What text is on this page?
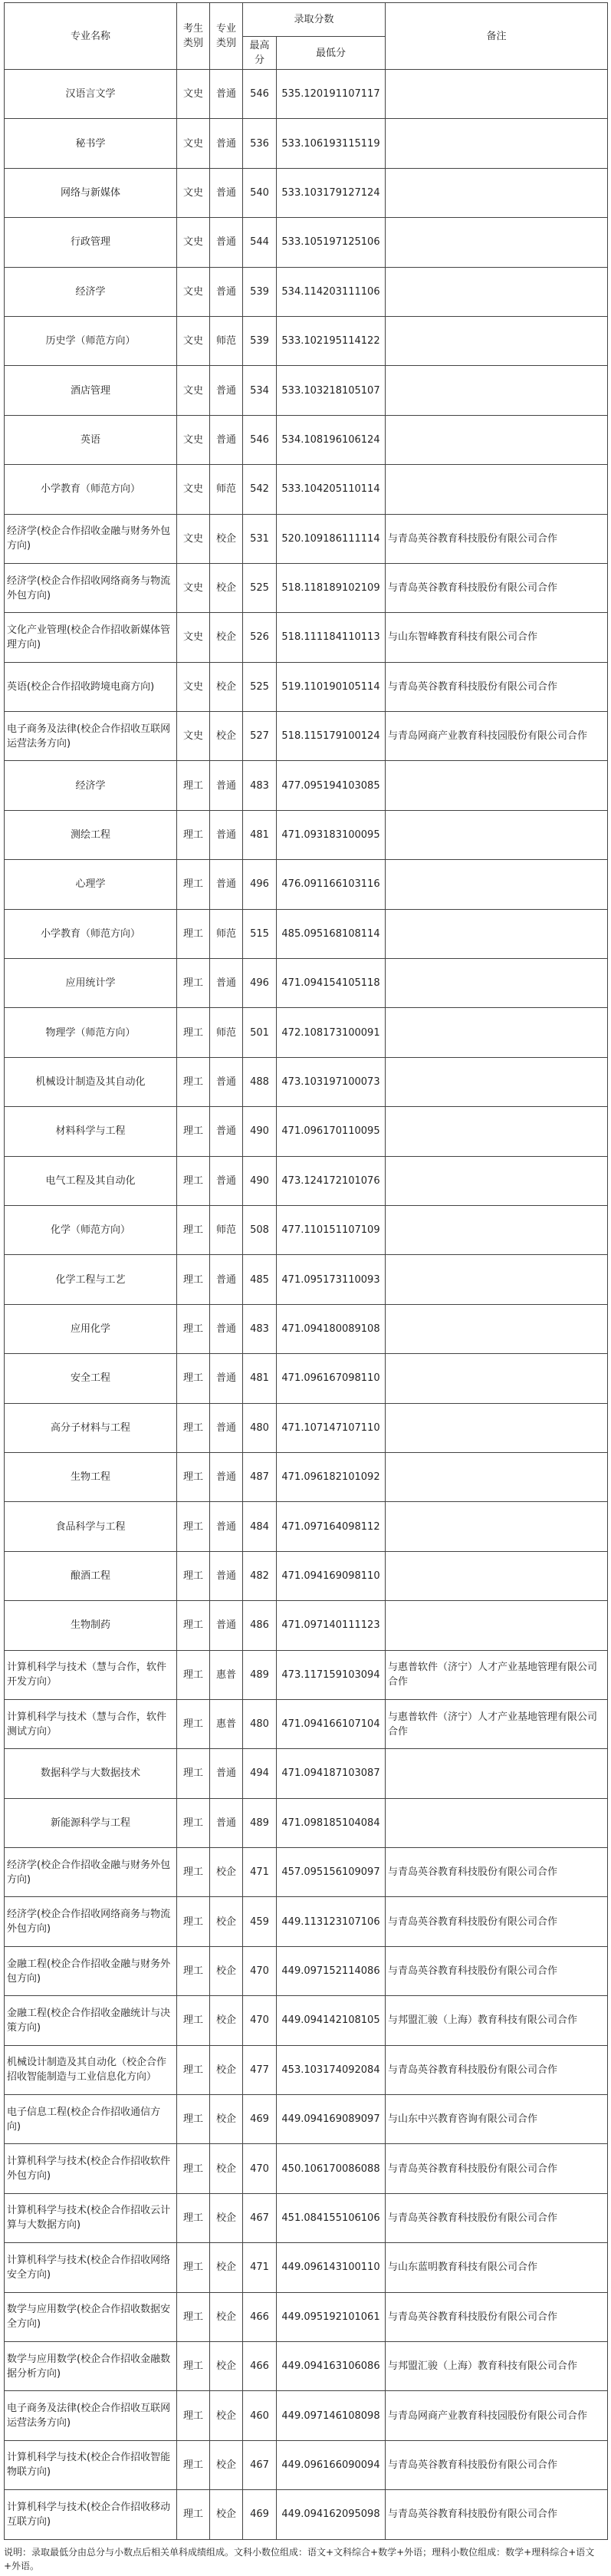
专业名称	考生类别	专业类别	录取分数		备注
			最高分	最低分	
汉语言文学	文史	普通	546	535.120191107117	
秘书学	文史	普通	536	533.106193115119	
网络与新媒体	文史	普通	540	533.103179127124	
行政管理	文史	普通	544	533.105197125106	
经济学	文史	普通	539	534.114203111106	
历史学（师范方向）	文史	师范	539	533.102195114122	
酒店管理	文史	普通	534	533.103218105107	
英语	文史	普通	546	534.108196106124	
小学教育（师范方向）	文史	师范	542	533.104205110114	
经济学(校企合作招收金融与财务外包方向)	文史	校企	531	520.109186111114	与青岛英谷教育科技股份有限公司合作
经济学(校企合作招收网络商务与物流外包方向)	文史	校企	525	518.118189102109	与青岛英谷教育科技股份有限公司合作
文化产业管理(校企合作招收新媒体管理方向)	文史	校企	526	518.111184110113	与山东智峰教育科技有限公司合作
英语(校企合作招收跨境电商方向)	文史	校企	525	519.110190105114	与青岛英谷教育科技股份有限公司合作
电子商务及法律(校企合作招收互联网运营法务方向)	文史	校企	527	518.115179100124	与青岛网商产业教育科技园股份有限公司合作
经济学	理工	普通	483	477.095194103085	
测绘工程	理工	普通	481	471.093183100095	
心理学	理工	普通	496	476.091166103116	
小学教育（师范方向）	理工	师范	515	485.095168108114	
应用统计学	理工	普通	496	471.094154105118	
物理学（师范方向）	理工	师范	501	472.108173100091	
机械设计制造及其自动化	理工	普通	488	473.103197100073	
材料科学与工程	理工	普通	490	471.096170110095	
电气工程及其自动化	理工	普通	490	473.124172101076	
化学（师范方向）	理工	师范	508	477.110151107109	
化学工程与工艺	理工	普通	485	471.095173110093	
应用化学	理工	普通	483	471.094180089108	
安全工程	理工	普通	481	471.096167098110	
高分子材料与工程	理工	普通	480	471.107147107110	
生物工程	理工	普通	487	471.096182101092	
食品科学与工程	理工	普通	484	471.097164098112	
酿酒工程	理工	普通	482	471.094169098110	
生物制药	理工	普通	486	471.097140111123	
计算机科学与技术（慧与合作，软件开发方向）	理工	惠普	489	473.117159103094	与惠普软件（济宁）人才产业基地管理有限公司合作
计算机科学与技术（慧与合作，软件测试方向）	理工	惠普	480	471.094166107104	与惠普软件（济宁）人才产业基地管理有限公司合作
数据科学与大数据技术	理工	普通	494	471.094187103087	
新能源科学与工程	理工	普通	489	471.098185104084	
经济学(校企合作招收金融与财务外包方向)	理工	校企	471	457.095156109097	与青岛英谷教育科技股份有限公司合作
经济学(校企合作招收网络商务与物流外包方向)	理工	校企	459	449.113123107106	与青岛英谷教育科技股份有限公司合作
金融工程(校企合作招收金融与财务外包方向)	理工	校企	470	449.097152114086	与青岛英谷教育科技股份有限公司合作
金融工程(校企合作招收金融统计与决策方向)	理工	校企	470	449.094142108105	与邦盟汇骏（上海）教育科技有限公司合作
机械设计制造及其自动化（校企合作招收智能制造与工业信息化方向）	理工	校企	477	453.103174092084	与青岛英谷教育科技股份有限公司合作
电子信息工程(校企合作招收通信方向)	理工	校企	469	449.094169089097	与山东中兴教育咨询有限公司合作
计算机科学与技术(校企合作招收软件外包方向)	理工	校企	470	450.106170086088	与青岛英谷教育科技股份有限公司合作
计算机科学与技术(校企合作招收云计算与大数据方向)	理工	校企	467	451.084155106106	与青岛英谷教育科技股份有限公司合作
计算机科学与技术(校企合作招收网络安全方向)	理工	校企	471	449.096143100110	与山东蓝明教育科技有限公司合作
数学与应用数学(校企合作招收数据安全方向)	理工	校企	466	449.095192101061	与青岛英谷教育科技股份有限公司合作
数学与应用数学(校企合作招收金融数据分析方向)	理工	校企	466	449.094163106086	与邦盟汇骏（上海）教育科技有限公司合作
电子商务及法律(校企合作招收互联网运营法务方向)	理工	校企	460	449.097146108098	与青岛网商产业教育科技园股份有限公司合作
计算机科学与技术(校企合作招收智能物联方向)	理工	校企	467	449.096166090094	与青岛英谷教育科技股份有限公司合作
计算机科学与技术(校企合作招收移动互联方向)	理工	校企	469	449.094162095098	与青岛英谷教育科技股份有限公司合作
说明：录取最低分由总分与小数点后相关单科成绩组成。文科小数位组成：语文+文科综合+数学+外语；理科小数位组成：数学+理科综合+语文+外语。
